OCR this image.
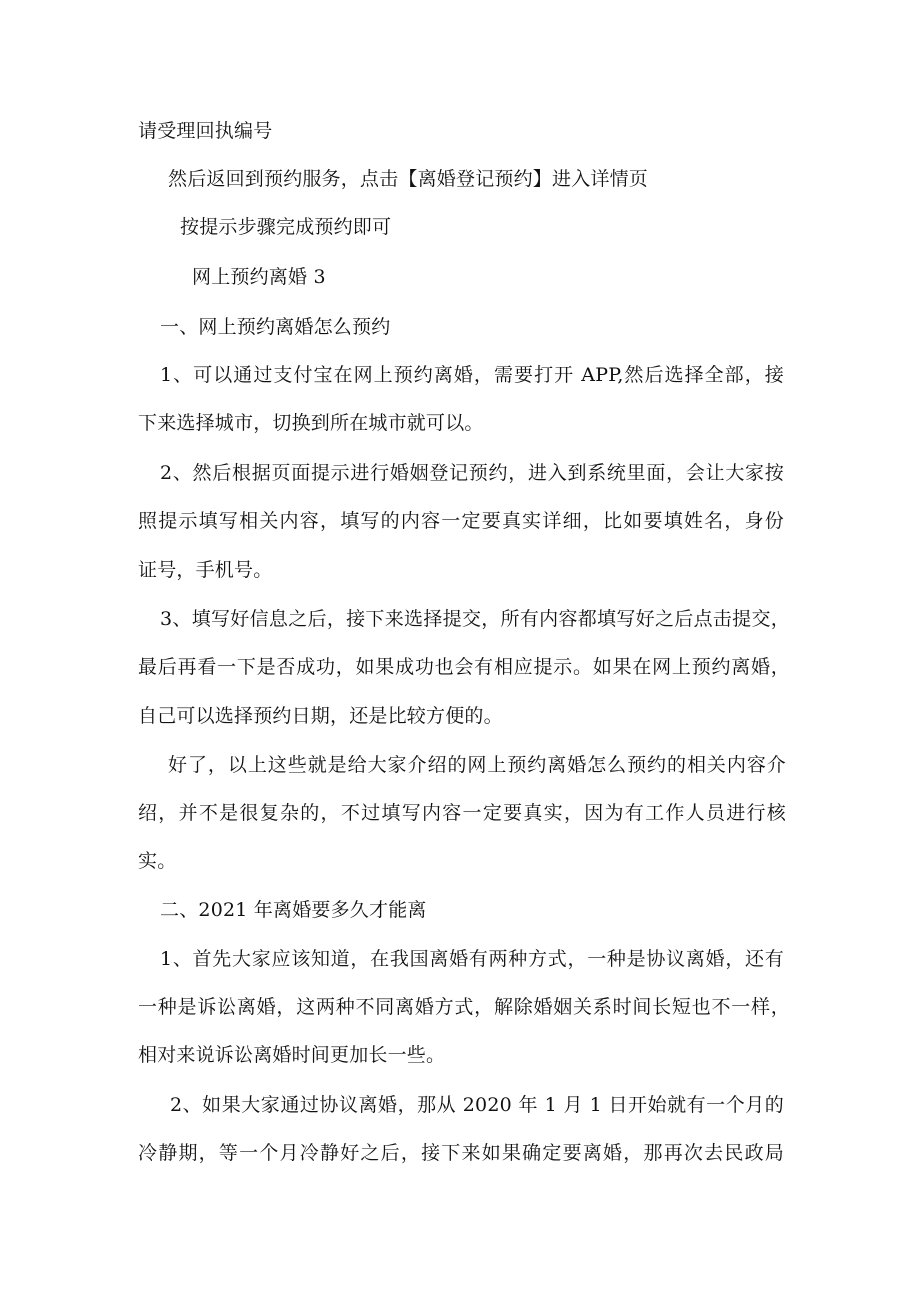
请受理回执编号
然后返回到预约服务，点击【离婚登记预约】进入详情页
按提示步骤完成预约即可
网上预约离婚 3
一、网上预约离婚怎么预约
1、可以通过支付宝在网上预约离婚，需要打开 APP,然后选择全部，接
下来选择城市，切换到所在城市就可以。
2、然后根据页面提示进行婚姻登记预约，进入到系统里面，会让大家按
照提示填写相关内容，填写的内容一定要真实详细，比如要填姓名，身份
证号，手机号。
3、填写好信息之后，接下来选择提交，所有内容都填写好之后点击提交，
最后再看一下是否成功，如果成功也会有相应提示。如果在网上预约离婚，
自己可以选择预约日期，还是比较方便的。
好了，以上这些就是给大家介绍的网上预约离婚怎么预约的相关内容介
绍，并不是很复杂的，不过填写内容一定要真实，因为有工作人员进行核
实。
二、2021 年离婚要多久才能离
1、首先大家应该知道，在我国离婚有两种方式，一种是协议离婚，还有
一种是诉讼离婚，这两种不同离婚方式，解除婚姻关系时间长短也不一样，
相对来说诉讼离婚时间更加长一些。
2、如果大家通过协议离婚，那从 2020 年 1 月 1 日开始就有一个月的
冷静期，等一个月冷静好之后，接下来如果确定要离婚，那再次去民政局
